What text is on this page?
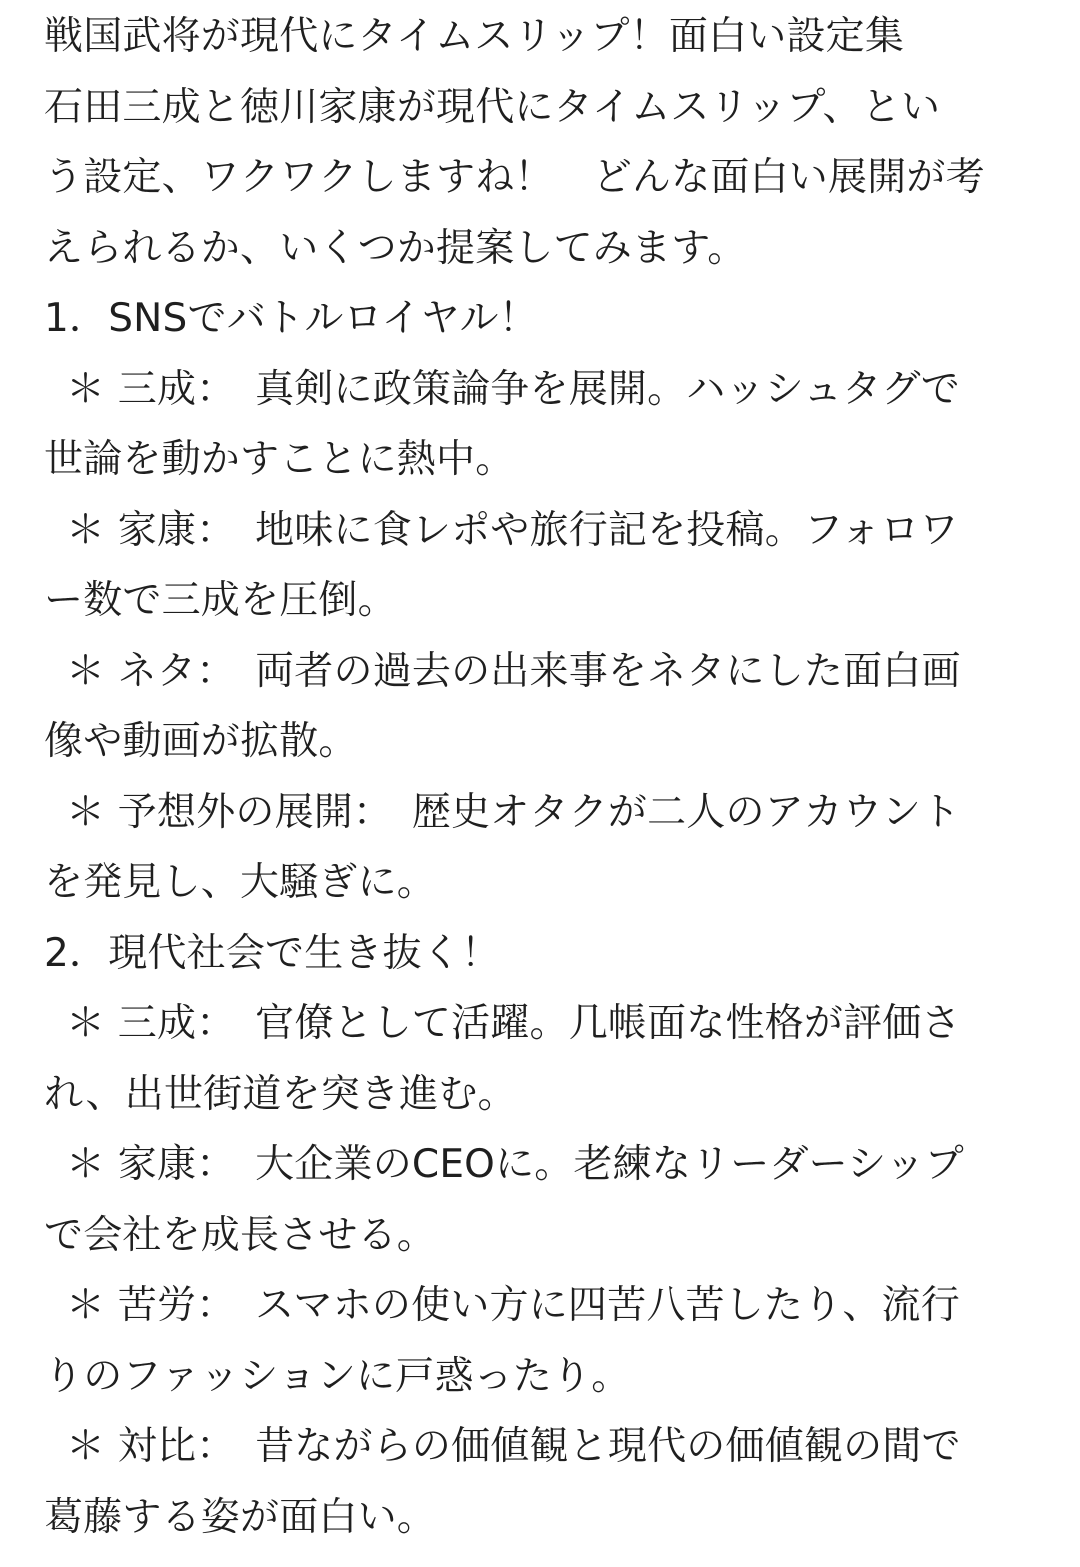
戦国武将が現代にタイムスリップ！面白い設定集
石田三成と徳川家康が現代にタイムスリップ、とい
う設定、ワクワクしますね！　どんな面白い展開が考
えられるか、いくつか提案してみます。
1．SNSでバトルロイヤル！
＊ 三成：　真剣に政策論争を展開。ハッシュタグで
世論を動かすことに熱中。
＊ 家康：　地味に食レポや旅行記を投稿。フォロワ
ー数で三成を圧倒。
＊ ネタ：　両者の過去の出来事をネタにした面白画
像や動画が拡散。
＊ 予想外の展開：　歴史オタクが二人のアカウント
を発見し、大騒ぎに。
2．現代社会で生き抜く！
＊ 三成：　官僚として活躍。几帳面な性格が評価さ
れ、出世街道を突き進む。
＊ 家康：　大企業のCEOに。老練なリーダーシップ
で会社を成長させる。
＊ 苦労：　スマホの使い方に四苦八苦したり、流行
りのファッションに戸惑ったり。
＊ 対比：　昔ながらの価値観と現代の価値観の間で
葛藤する姿が面白い。
